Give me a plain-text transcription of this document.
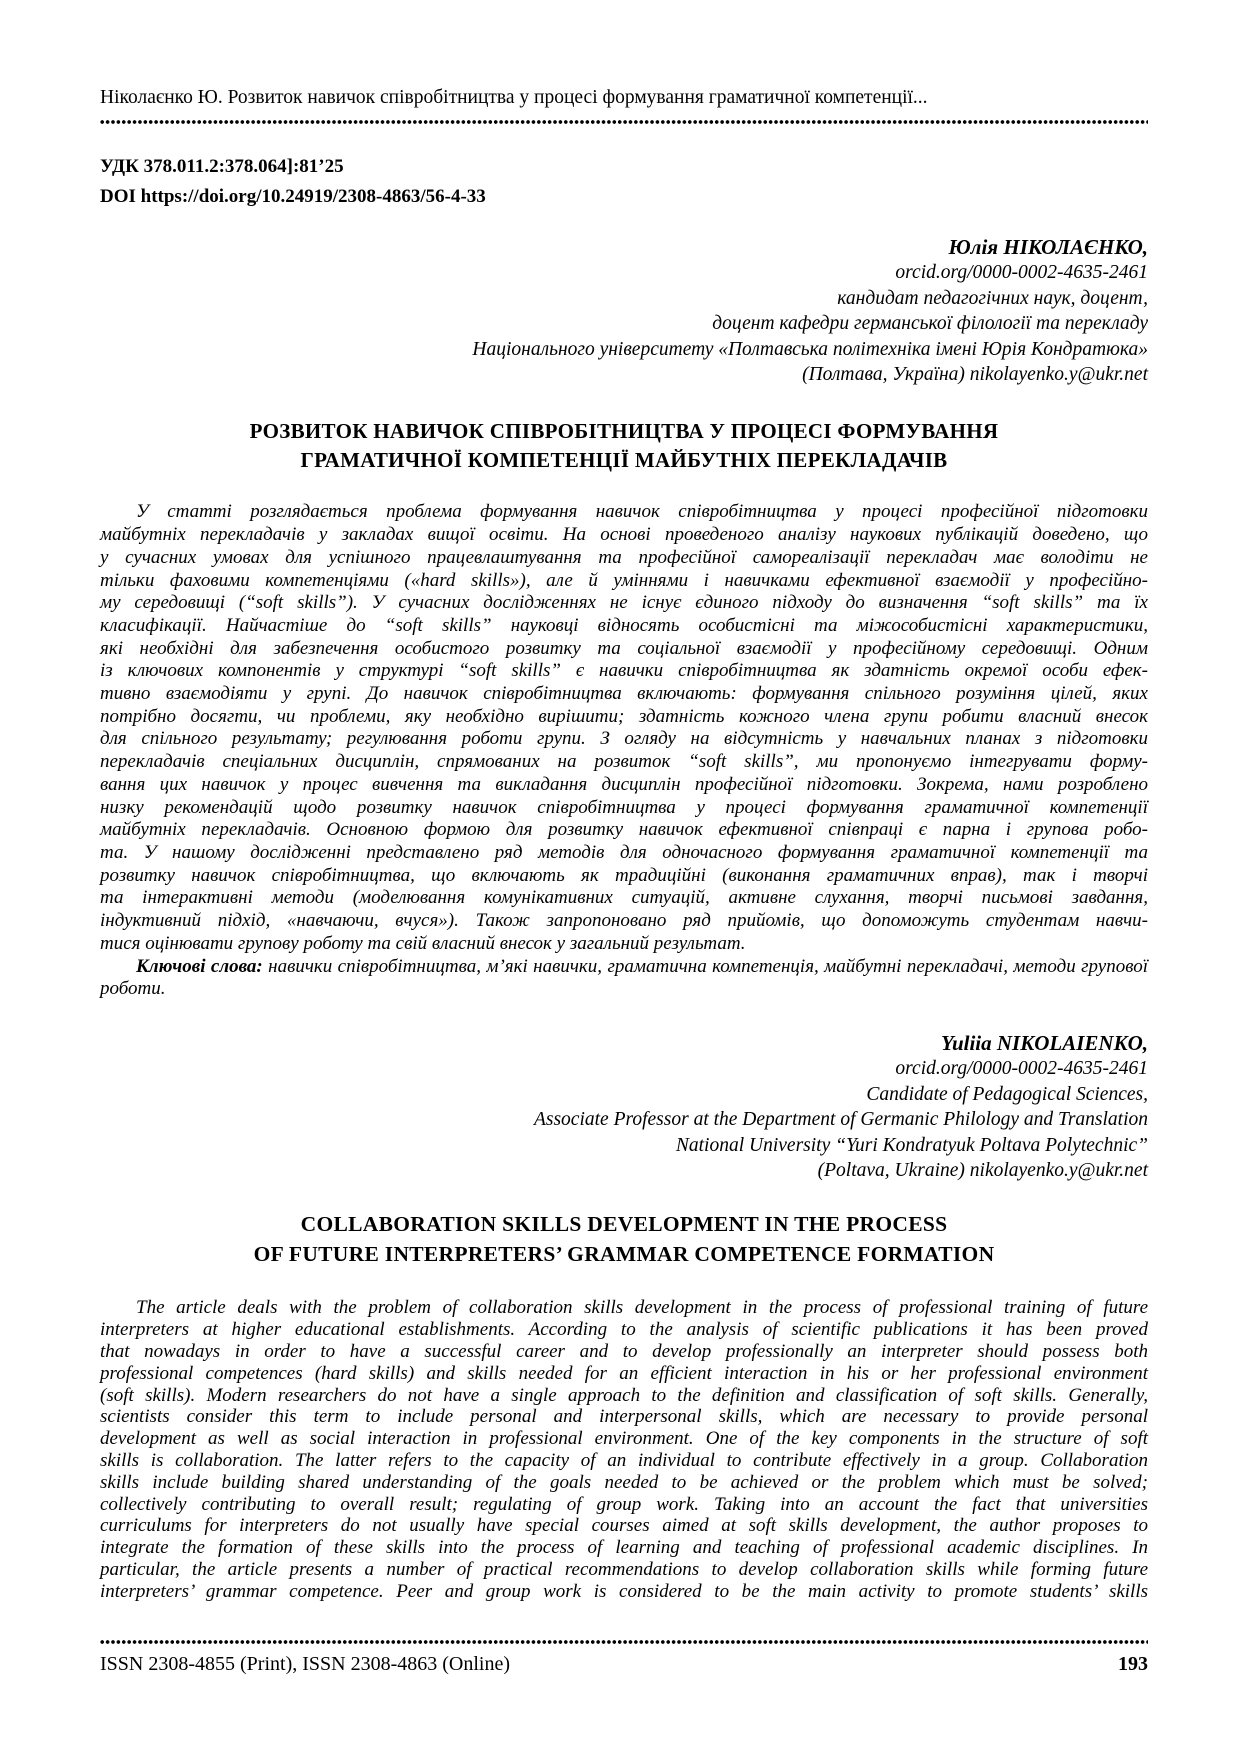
Ніколаєнко Ю. Розвиток навичок співробітництва у процесі формування граматичної компетенції...
УДК 378.011.2:378.064]:81’25
DOI https://doi.org/10.24919/2308-4863/56-4-33
Юлія НІКОЛАЄНКО,
orcid.org/0000-0002-4635-2461
кандидат педагогічних наук, доцент,
доцент кафедри германської філології та перекладу
Національного університету «Полтавська політехніка імені Юрія Кондратюка»
(Полтава, Україна) nikolayenko.y@ukr.net
РОЗВИТОК НАВИЧОК СПІВРОБІТНИЦТВА У ПРОЦЕСІ ФОРМУВАННЯ
ГРАМАТИЧНОЇ КОМПЕТЕНЦІЇ МАЙБУТНІХ ПЕРЕКЛАДАЧІВ
У статті розглядається проблема формування навичок співробітництва у процесі професійної підготовки
майбутніх перекладачів у закладах вищої освіти. На основі проведеного аналізу наукових публікацій доведено, що
у сучасних умовах для успішного працевлаштування та професійної самореалізації перекладач має володіти не
тільки фаховими компетенціями («hard skills»), але й уміннями і навичками ефективної взаємодії у професійно-
му середовищі (“soft skills”). У сучасних дослідженнях не існує єдиного підходу до визначення “soft skills” та їх
класифікації. Найчастіше до “soft skills” науковці відносять особистісні та міжособистісні характеристики,
які необхідні для забезпечення особистого розвитку та соціальної взаємодії у професійному середовищі. Одним
із ключових компонентів у структурі “soft skills” є навички співробітництва як здатність окремої особи ефек-
тивно взаємодіяти у групі. До навичок співробітництва включають: формування спільного розуміння цілей, яких
потрібно досягти, чи проблеми, яку необхідно вирішити; здатність кожного члена групи робити власний внесок
для спільного результату; регулювання роботи групи. З огляду на відсутність у навчальних планах з підготовки
перекладачів спеціальних дисциплін, спрямованих на розвиток “soft skills”, ми пропонуємо інтегрувати форму-
вання цих навичок у процес вивчення та викладання дисциплін професійної підготовки. Зокрема, нами розроблено
низку рекомендацій щодо розвитку навичок співробітництва у процесі формування граматичної компетенції
майбутніх перекладачів. Основною формою для розвитку навичок ефективної співпраці є парна і групова робо-
та. У нашому дослідженні представлено ряд методів для одночасного формування граматичної компетенції та
розвитку навичок співробітництва, що включають як традиційні (виконання граматичних вправ), так і творчі
та інтерактивні методи (моделювання комунікативних ситуацій, активне слухання, творчі письмові завдання,
індуктивний підхід, «навчаючи, вчуся»). Також запропоновано ряд прийомів, що допоможуть студентам навчи-
тися оцінювати групову роботу та свій власний внесок у загальний результат.
Ключові слова: навички співробітництва, м’які навички, граматична компетенція, майбутні перекладачі, методи групової роботи.
Yuliia NIKOLAIENKO,
orcid.org/0000-0002-4635-2461
Candidate of Pedagogical Sciences,
Associate Professor at the Department of Germanic Philology and Translation
National University “Yuri Kondratyuk Poltava Polytechnic”
(Poltava, Ukraine) nikolayenko.y@ukr.net
COLLABORATION SKILLS DEVELOPMENT IN THE PROCESS
OF FUTURE INTERPRETERS’ GRAMMAR COMPETENCE FORMATION
The article deals with the problem of collaboration skills development in the process of professional training of future
interpreters at higher educational establishments. According to the analysis of scientific publications it has been proved
that nowadays in order to have a successful career and to develop professionally an interpreter should possess both
professional competences (hard skills) and skills needed for an efficient interaction in his or her professional environment
(soft skills). Modern researchers do not have a single approach to the definition and classification of soft skills. Generally,
scientists consider this term to include personal and interpersonal skills, which are necessary to provide personal
development as well as social interaction in professional environment. One of the key components in the structure of soft
skills is collaboration. The latter refers to the capacity of an individual to contribute effectively in a group. Collaboration
skills include building shared understanding of the goals needed to be achieved or the problem which must be solved;
collectively contributing to overall result; regulating of group work. Taking into an account the fact that universities
curriculums for interpreters do not usually have special courses aimed at soft skills development, the author proposes to
integrate the formation of these skills into the process of learning and teaching of professional academic disciplines. In
particular, the article presents a number of practical recommendations to develop collaboration skills while forming future
interpreters’ grammar competence. Peer and group work is considered to be the main activity to promote students’ skills
ISSN 2308-4855 (Print), ISSN 2308-4863 (Online)	193
